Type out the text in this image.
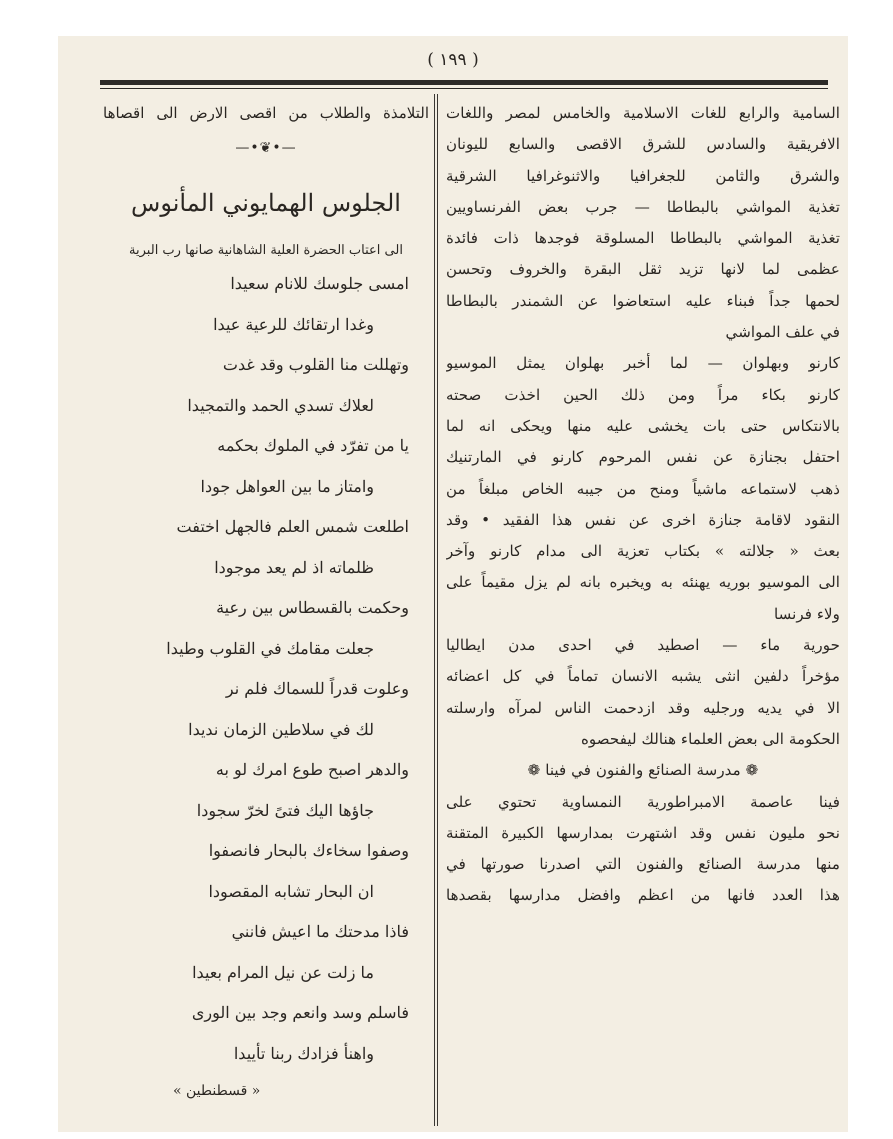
( ١٩٩ )
السامية والرابع للغات الاسلامية والخامس لمصر واللغات
الافريقية والسادس للشرق الاقصى والسابع لليونان
والشرق والثامن للجغرافيا والاثنوغرافيا الشرقية
تغذية المواشي بالبطاطا — جرب بعض الفرنساويين
تغذية المواشي بالبطاطا المسلوقة فوجدها ذات فائدة
عظمى لما لانها تزيد ثقل البقرة والخروف وتحسن
لحمها جداً فبناء عليه استعاضوا عن الشمندر بالبطاطا
في علف المواشي
كارنو وبهلوان — لما أخبر بهلوان يمثل الموسيو
كارنو بكاء مراً ومن ذلك الحين اخذت صحته
بالانتكاس حتى بات يخشى عليه منها ويحكى انه لما
احتفل بجنازة عن نفس المرحوم كارنو في المارتنيك
ذهب لاستماعه ماشياً ومنح من جيبه الخاص مبلغاً من
النقود لاقامة جنازة اخرى عن نفس هذا الفقيد • وقد
بعث « جلالته » بكتاب تعزية الى مدام كارنو وآخر
الى الموسيو بوريه يهنئه به ويخبره بانه لم يزل مقيماً على
ولاء فرنسا
حورية ماء — اصطيد في احدى مدن ايطاليا
مؤخراً دلفين انثى يشبه الانسان تماماً في كل اعضائه
الا في يديه ورجليه وقد ازدحمت الناس لمرآه وارسلته
الحكومة الى بعض العلماء هنالك ليفحصوه
❁ مدرسة الصنائع والفنون في فينا ❁
فينا عاصمة الامبراطورية النمساوية تحتوي على
نحو مليون نفس وقد اشتهرت بمدارسها الكبيرة المتقنة
منها مدرسة الصنائع والفنون التي اصدرنا صورتها في
هذا العدد فانها من اعظم وافضل مدارسها بقصدها
التلامذة والطلاب من اقصى الارض الى اقصاها
—•❦•—
الجلوس الهمايوني المأنوس
الى اعتاب الحضرة العلية الشاهانية صانها رب البرية
امسى جلوسك للانام سعيدا
وغدا ارتقائك للرعية عيدا
وتهللت منا القلوب وقد غدت
لعلاك تسدي الحمد والتمجيدا
يا من تفرّد في الملوك بحكمه
وامتاز ما بين العواهل جودا
اطلعت شمس العلم فالجهل اختفت
ظلماته اذ لم يعد موجودا
وحكمت بالقسطاس بين رعية
جعلت مقامك في القلوب وطيدا
وعلوت قدراً للسماك فلم نر
لك في سلاطين الزمان نديدا
والدهر اصبح طوع امرك لو به
جاؤها اليك فتىً لخرّ سجودا
وصفوا سخاءك بالبحار فانصفوا
ان البحار تشابه المقصودا
فاذا مدحتك ما اعيش فانني
ما زلت عن نيل المرام بعيدا
فاسلم وسد وانعم وجد بين الورى
واهنأ فزادك ربنا تأييدا
« قسطنطين »
